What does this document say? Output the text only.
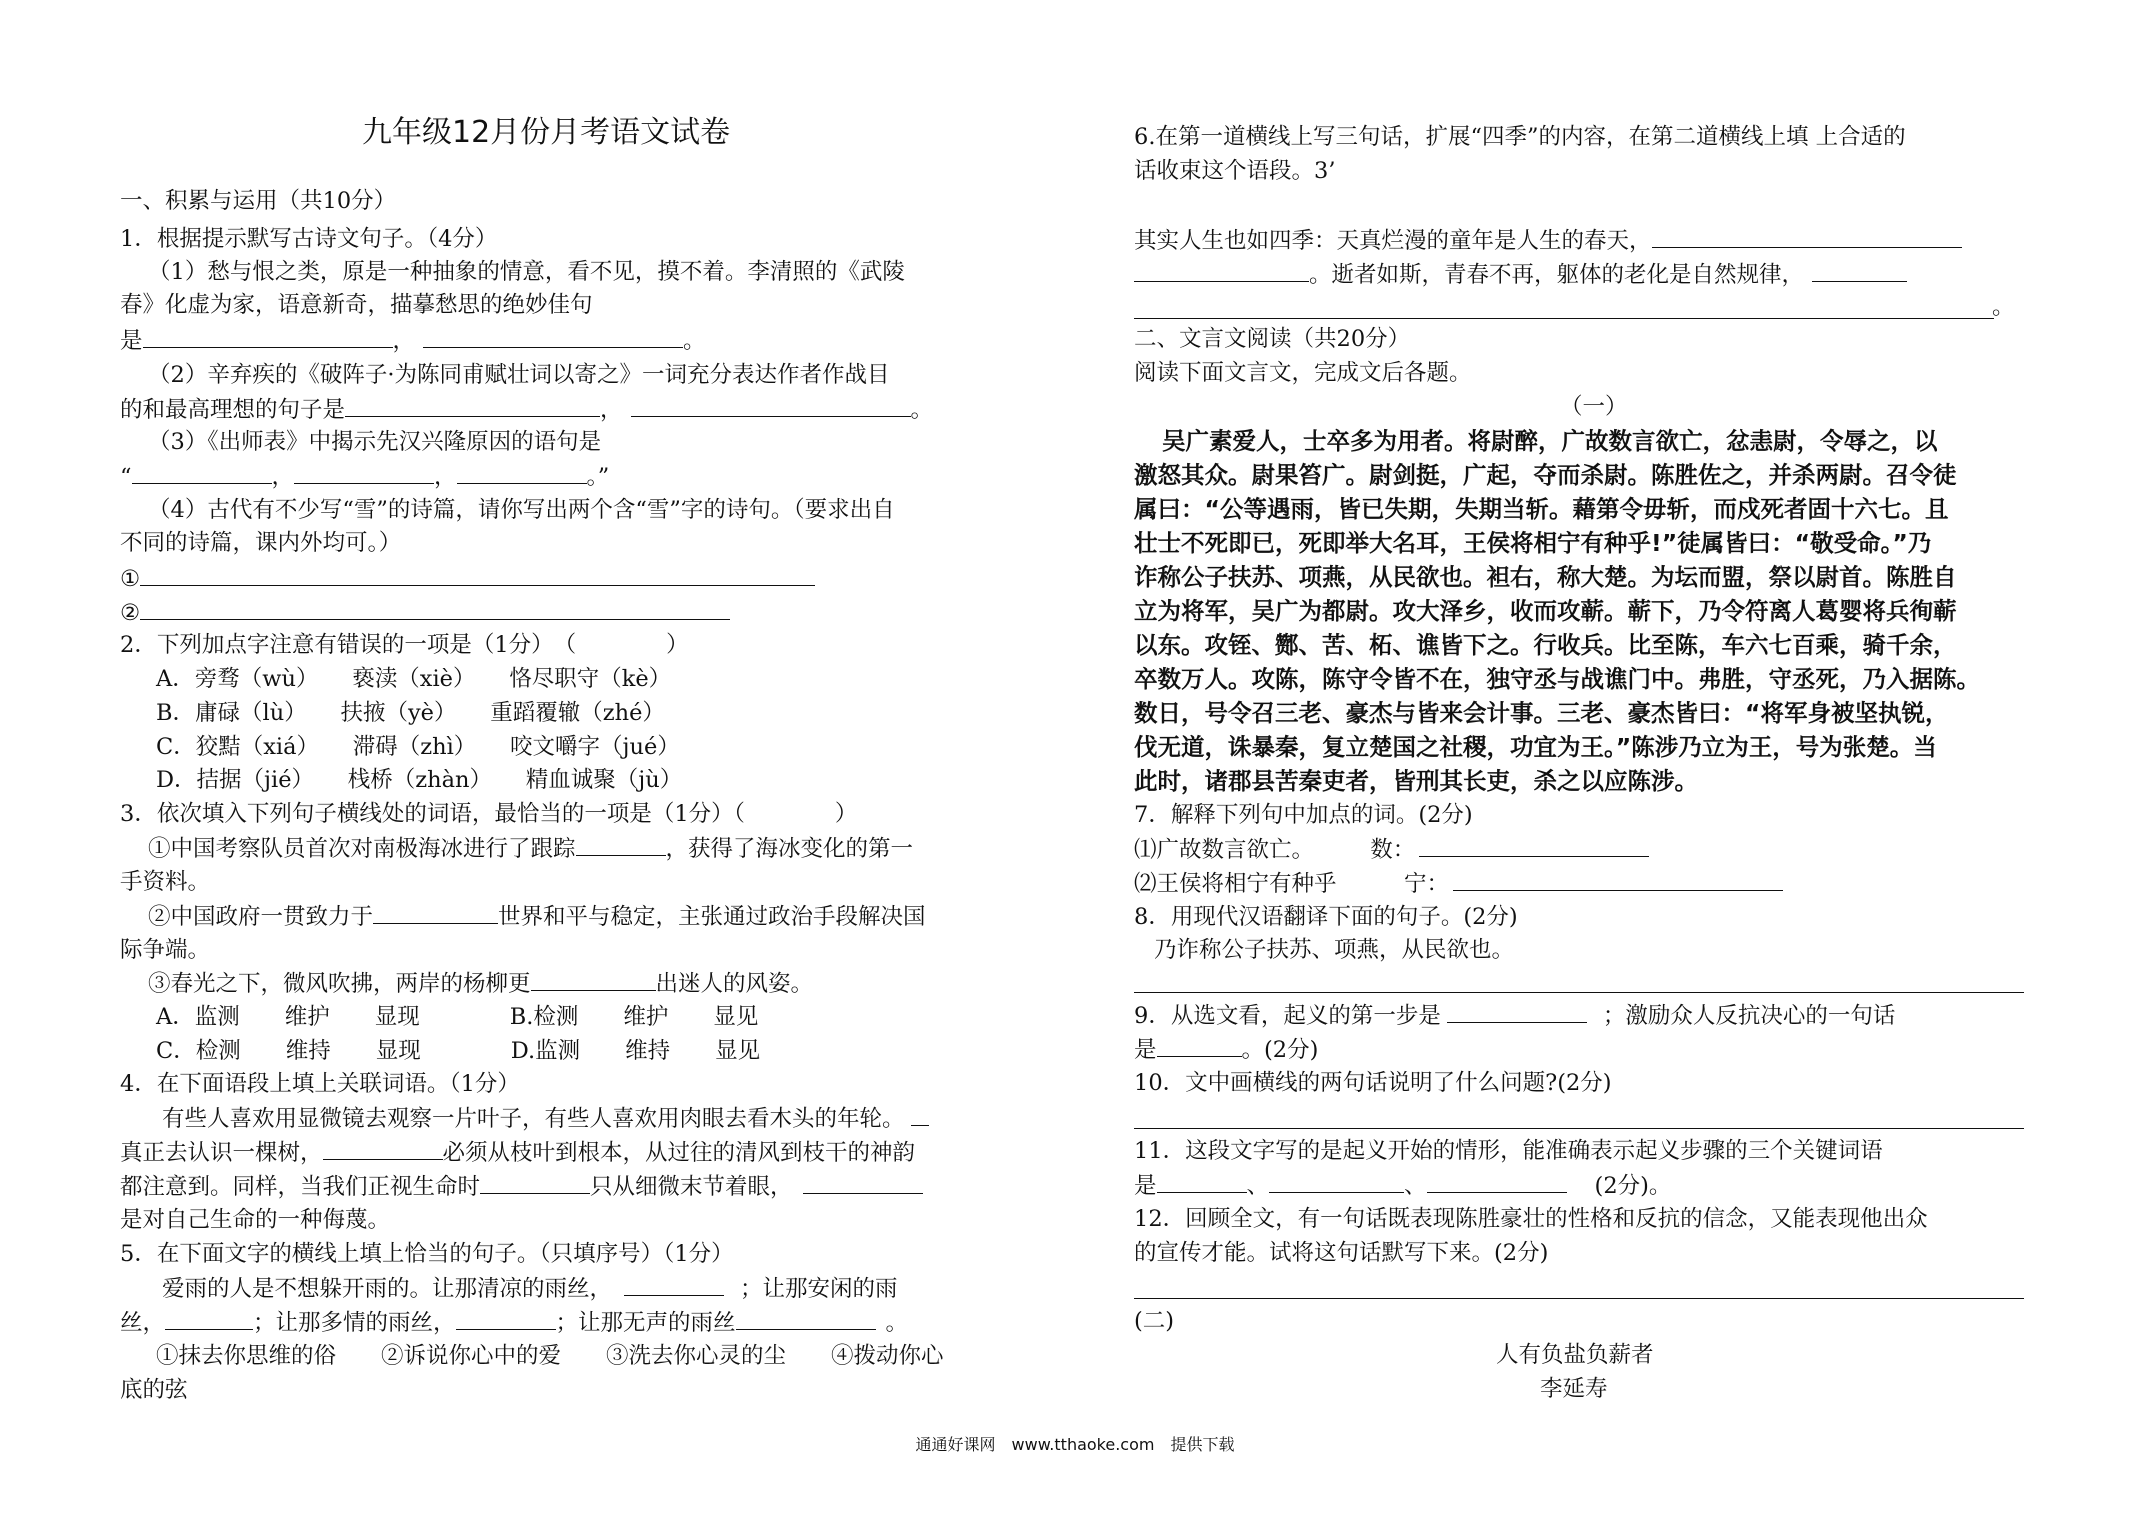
九年级12月份月考语文试卷
一、积累与运用（共10分）
1．根据提示默写古诗文句子。（4分）
（1）愁与恨之类，原是一种抽象的情意，看不见，摸不着。李清照的《武陵
春》化虚为家，语意新奇，描摹愁思的绝妙佳句
是	，	。
（2）辛弃疾的《破阵子·为陈同甫赋壮词以寄之》一词充分表达作者作战目
的和最高理想的句子是	，	。
（3）《出师表》中揭示先汉兴隆原因的语句是
“	，	，	。”
（4）古代有不少写“雪”的诗篇，请你写出两个含“雪”字的诗句。（要求出自
不同的诗篇，课内外均可。）
①
②
2．下列加点字注意有错误的一项是（1分）　（　　　　）
A．旁骛（wù）　　亵渎（xiè）　　恪尽职守（kè）
B．庸碌（lù）　　扶掖（yè）　　重蹈覆辙（zhé）
C．狡黠（xiá）　　滞碍（zhì）　　咬文嚼字（jué）
D．拮据（jié）　　栈桥（zhàn）　　精血诚聚（jù）
3．依次填入下列句子横线处的词语，最恰当的一项是（1分）（　　　　）
①中国考察队员首次对南极海冰进行了跟踪	，获得了海冰变化的第一
手资料。
②中国政府一贯致力于	世界和平与稳定，主张通过政治手段解决国
际争端。
③春光之下，微风吹拂，两岸的杨柳更	出迷人的风姿。
A．监测　　维护　　显现　　　　B.检测　　维护　　显见
C．检测　　维持　　显现　　　　D.监测　　维持　　显见
4．在下面语段上填上关联词语。（1分）
有些人喜欢用显微镜去观察一片叶子，有些人喜欢用肉眼去看木头的年轮。
真正去认识一棵树，	必须从枝叶到根本，从过往的清风到枝干的神韵
都注意到。同样，当我们正视生命时	只从细微末节着眼，
是对自己生命的一种侮蔑。
5．在下面文字的横线上填上恰当的句子。（只填序号）（1分）
爱雨的人是不想躲开雨的。让那清凉的雨丝，	；让那安闲的雨
丝，	；让那多情的雨丝，	；让那无声的雨丝	。
①抹去你思维的俗　　②诉说你心中的爱　　③洗去你心灵的尘　　④拨动你心
底的弦
6.在第一道横线上写三句话，扩展“四季”的内容，在第二道横线上填 上合适的
话收束这个语段。3’
其实人生也如四季：天真烂漫的童年是人生的春天，
。逝者如斯，青春不再，躯体的老化是自然规律，
。
二、文言文阅读（共20分）
阅读下面文言文，完成文后各题。
（一）
吴广素爱人，士卒多为用者。将尉醉，广故数言欲亡，忿恚尉，令辱之，以
激怒其众。尉果笞广。尉剑挺，广起，夺而杀尉。陈胜佐之，并杀两尉。召令徒
属曰：“公等遇雨，皆已失期，失期当斩。藉第令毋斩，而戍死者固十六七。且
壮士不死即已，死即举大名耳，王侯将相宁有种乎!”徒属皆曰：“敬受命。”乃
诈称公子扶苏、项燕，从民欲也。袒右，称大楚。为坛而盟，祭以尉首。陈胜自
立为将军，吴广为都尉。攻大泽乡，收而攻蕲。蕲下，乃令符离人葛婴将兵徇蕲
以东。攻铚、酂、苦、柘、谯皆下之。行收兵。比至陈，车六七百乘，骑千余，
卒数万人。攻陈，陈守令皆不在，独守丞与战谯门中。弗胜，守丞死，乃入据陈。
数日，号令召三老、豪杰与皆来会计事。三老、豪杰皆曰：“将军身被坚执锐，
伐无道，诛暴秦，复立楚国之社稷，功宜为王。”陈涉乃立为王，号为张楚。当
此时，诸郡县苦秦吏者，皆刑其长吏，杀之以应陈涉。
7．解释下列句中加点的词。(2分)
⑴广故数言欲亡。　　　数：
⑵王侯将相宁有种乎　　　宁：
8．用现代汉语翻译下面的句子。(2分)
乃诈称公子扶苏、项燕，从民欲也。
9．从选文看，起义的第一步是	；激励众人反抗决心的一句话
是	。(2分)
10．文中画横线的两句话说明了什么问题?(2分)
11．这段文字写的是起义开始的情形，能准确表示起义步骤的三个关键词语
是	、	、	(2分)。
12．回顾全文，有一句话既表现陈胜豪壮的性格和反抗的信念，又能表现他出众
的宣传才能。试将这句话默写下来。(2分)
(二)
人有负盐负薪者
李延寿
通通好课网　www.tthaoke.com　提供下载
